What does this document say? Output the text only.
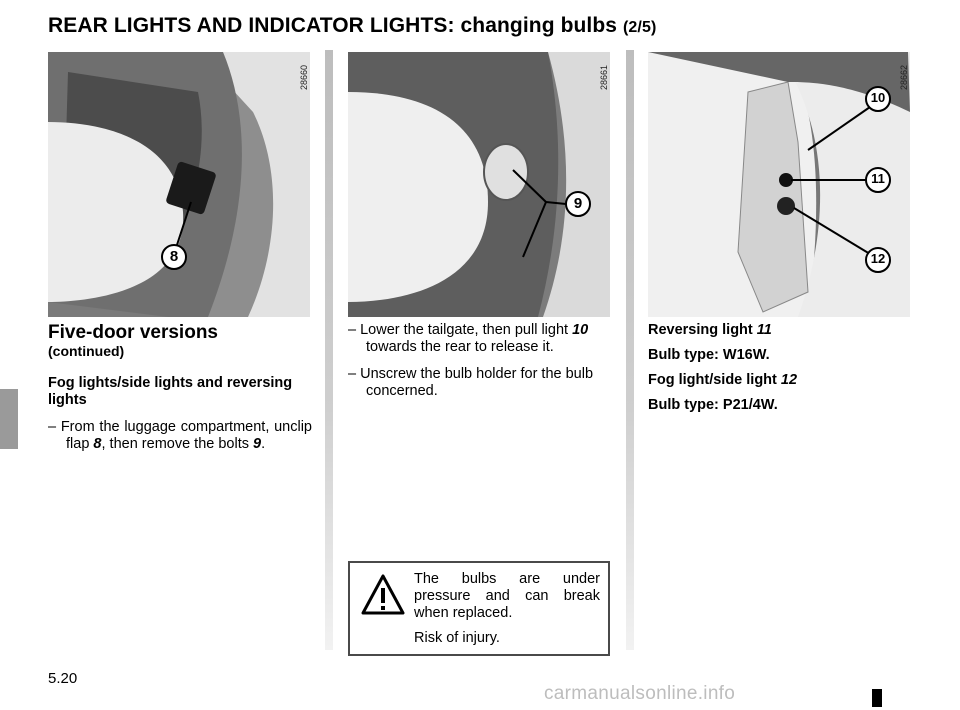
REAR LIGHTS AND INDICATOR LIGHTS: changing bulbs (2/5)
8
28660
9
28661
10
11
12
28662
Five-door versions
(continued)
Fog lights/side lights and reversing lights
– From the luggage compartment, unclip flap 8, then remove the bolts 9.
– Lower the tailgate, then pull light 10 towards the rear to release it.
– Unscrew the bulb holder for the bulb concerned.
Reversing light 11
Bulb type: W16W.
Fog light/side light 12
Bulb type: P21/4W.
The bulbs are under pressure and can break when replaced.
Risk of injury.
5.20
carmanualsonline.info
